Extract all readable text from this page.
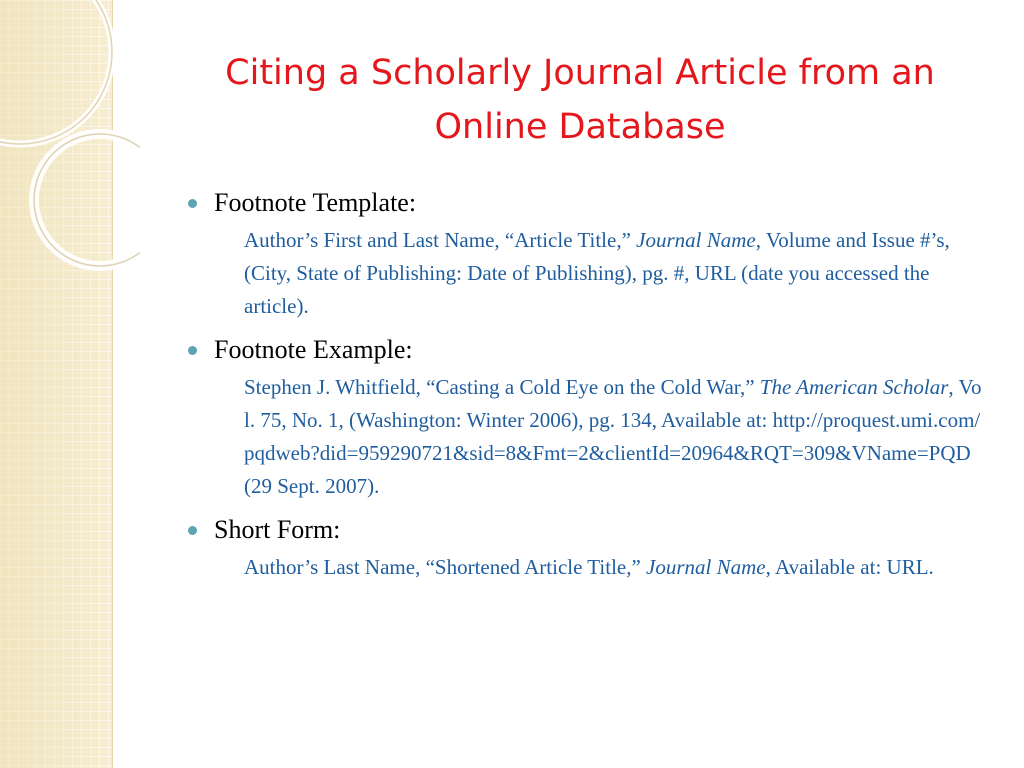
Citing a Scholarly Journal Article from an
Online Database
Footnote Template:
Author’s First and Last Name, “Article Title,” Journal Name, Volume and Issue #’s, (City, State of Publishing: Date of Publishing), pg. #, URL (date you accessed the article).
Footnote Example:
Stephen J. Whitfield, “Casting a Cold Eye on the Cold War,” The American Scholar, Vol. 75, No. 1, (Washington: Winter 2006), pg. 134, Available at: http://proquest.umi.com/pqdweb?did=959290721&sid=8&Fmt=2&clientId=20964&RQT=309&VName=PQD (29 Sept. 2007).
Short Form:
Author’s Last Name, “Shortened Article Title,” Journal Name, Available at: URL.
